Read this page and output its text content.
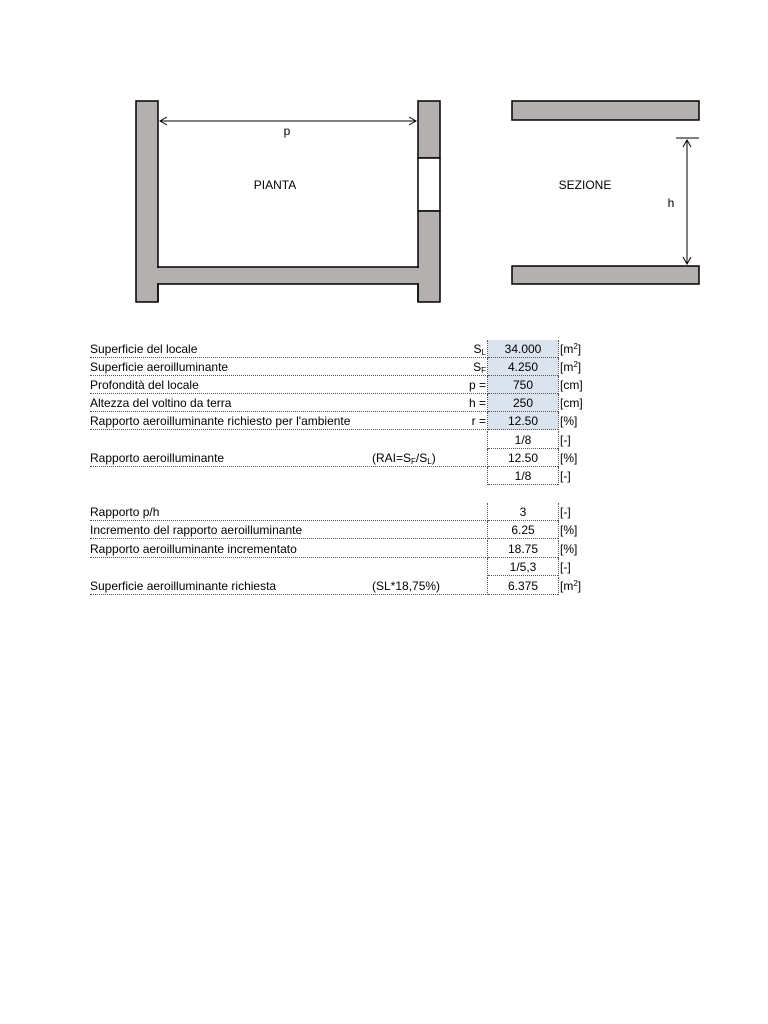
p
PIANTA
h
SEZIONE
Superficie del locale	$S_L$	34.000	$[m^2]$
Superficie aeroilluminante	$S_F$	4.250	$[m^2]$
Profondità del locale	p =	750	[cm]
Altezza del voltino da terra	h =	250	[cm]
Rapporto aeroilluminante richiesto per l'ambiente	r =	12.50	[%]
1/8	[-]
Rapporto aeroilluminante	$(RAI=S_F/S_L)$	12.50	[%]
1/8	[-]
Rapporto p/h	3	[-]
Incremento del rapporto aeroilluminante	6.25	[%]
Rapporto aeroilluminante incrementato	18.75	[%]
1/5,3	[-]
Superficie aeroilluminante richiesta	(SL*18,75%)	6.375	$[m^2]$
